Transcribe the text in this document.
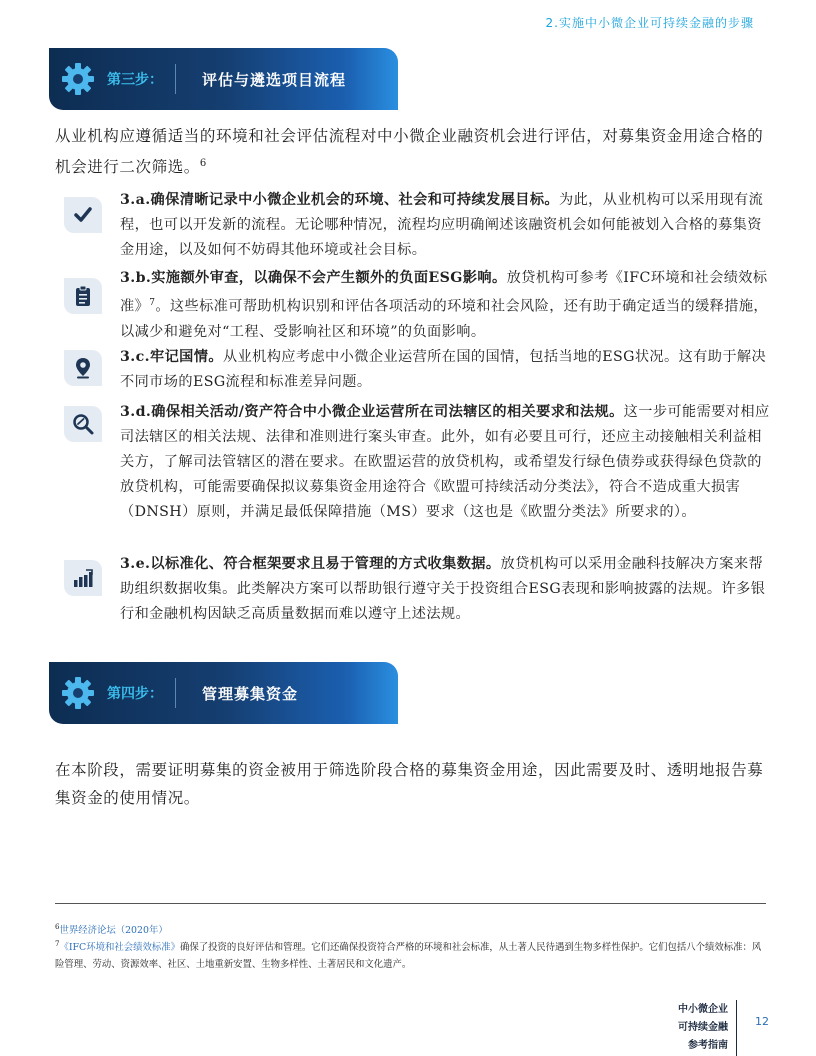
2.实施中小微企业可持续金融的步骤
第三步：	评估与遴选项目流程
从业机构应遵循适当的环境和社会评估流程对中小微企业融资机会进行评估，对募集资金用途合格的机会进行二次筛选。$^6$
3.a.确保清晰记录中小微企业机会的环境、社会和可持续发展目标。为此，从业机构可以采用现有流程，也可以开发新的流程。无论哪种情况，流程均应明确阐述该融资机会如何能被划入合格的募集资金用途，以及如何不妨碍其他环境或社会目标。
3.b.实施额外审查，以确保不会产生额外的负面ESG影响。放贷机构可参考《IFC环境和社会绩效标准》$^7$。这些标准可帮助机构识别和评估各项活动的环境和社会风险，还有助于确定适当的缓释措施，以减少和避免对“工程、受影响社区和环境”的负面影响。
3.c.牢记国情。从业机构应考虑中小微企业运营所在国的国情，包括当地的ESG状况。这有助于解决不同市场的ESG流程和标准差异问题。
3.d.确保相关活动/资产符合中小微企业运营所在司法辖区的相关要求和法规。这一步可能需要对相应司法辖区的相关法规、法律和准则进行案头审查。此外，如有必要且可行，还应主动接触相关利益相关方，了解司法管辖区的潜在要求。在欧盟运营的放贷机构，或希望发行绿色债券或获得绿色贷款的放贷机构，可能需要确保拟议募集资金用途符合《欧盟可持续活动分类法》，符合不造成重大损害（DNSH）原则，并满足最低保障措施（MS）要求（这也是《欧盟分类法》所要求的）。
3.e.以标准化、符合框架要求且易于管理的方式收集数据。放贷机构可以采用金融科技解决方案来帮助组织数据收集。此类解决方案可以帮助银行遵守关于投资组合ESG表现和影响披露的法规。许多银行和金融机构因缺乏高质量数据而难以遵守上述法规。
第四步：	管理募集资金
在本阶段，需要证明募集的资金被用于筛选阶段合格的募集资金用途，因此需要及时、透明地报告募集资金的使用情况。
$^6$世界经济论坛（2020年）
$^7$《IFC环境和社会绩效标准》确保了投资的良好评估和管理。它们还确保投资符合严格的环境和社会标准，从土著人民待遇到生物多样性保护。它们包括八个绩效标准：风险管理、劳动、资源效率、社区、土地重新安置、生物多样性、土著居民和文化遗产。
中小微企业
可持续金融
参考指南
12
